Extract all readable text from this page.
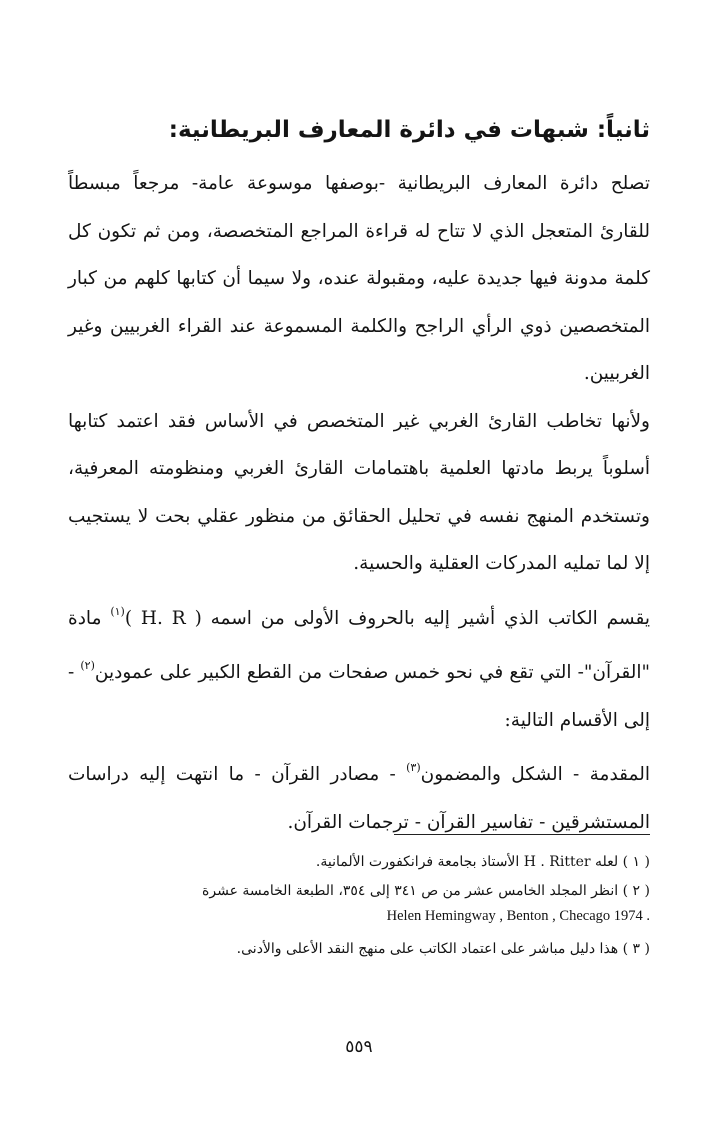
ثانياً: شبهات في دائرة المعارف البريطانية:

تصلح دائرة المعارف البريطانية -بوصفها موسوعة عامة- مرجعاً مبسطاً للقارئ المتعجل الذي لا تتاح له قراءة المراجع المتخصصة، ومن ثم تكون كل كلمة مدونة فيها جديدة عليه، ومقبولة عنده، ولا سيما أن كتابها كلهم من كبار المتخصصين ذوي الرأي الراجح والكلمة المسموعة عند القراء الغربيين وغير الغربيين.

ولأنها تخاطب القارئ الغربي غير المتخصص في الأساس فقد اعتمد كتابها أسلوباً يربط مادتها العلمية باهتمامات القارئ الغربي ومنظومته المعرفية، وتستخدم المنهج نفسه في تحليل الحقائق من منظور عقلي بحت لا يستجيب إلا لما تمليه المدركات العقلية والحسية.

يقسم الكاتب الذي أشير إليه بالحروف الأولى من اسمه ( H. R )$^{(١)}$ مادة "القرآن"- التي تقع في نحو خمس صفحات من القطع الكبير على عمودين$^{(٢)}$ - إلى الأقسام التالية:

المقدمة - الشكل والمضمون$^{(٣)}$ - مصادر القرآن - ما انتهت إليه دراسات المستشرقين - تفاسير القرآن - ترجمات القرآن.

( ١ ) لعله H . Ritter الأستاذ بجامعة فرانكفورت الألمانية.

( ٢ ) انظر المجلد الخامس عشر من ص ٣٤١ إلى ٣٥٤، الطبعة الخامسة عشرة

Helen Hemingway , Benton , Checago 1974 .

( ٣ ) هذا دليل مباشر على اعتماد الكاتب على منهج النقد الأعلى والأدنى.

٥٥٩
